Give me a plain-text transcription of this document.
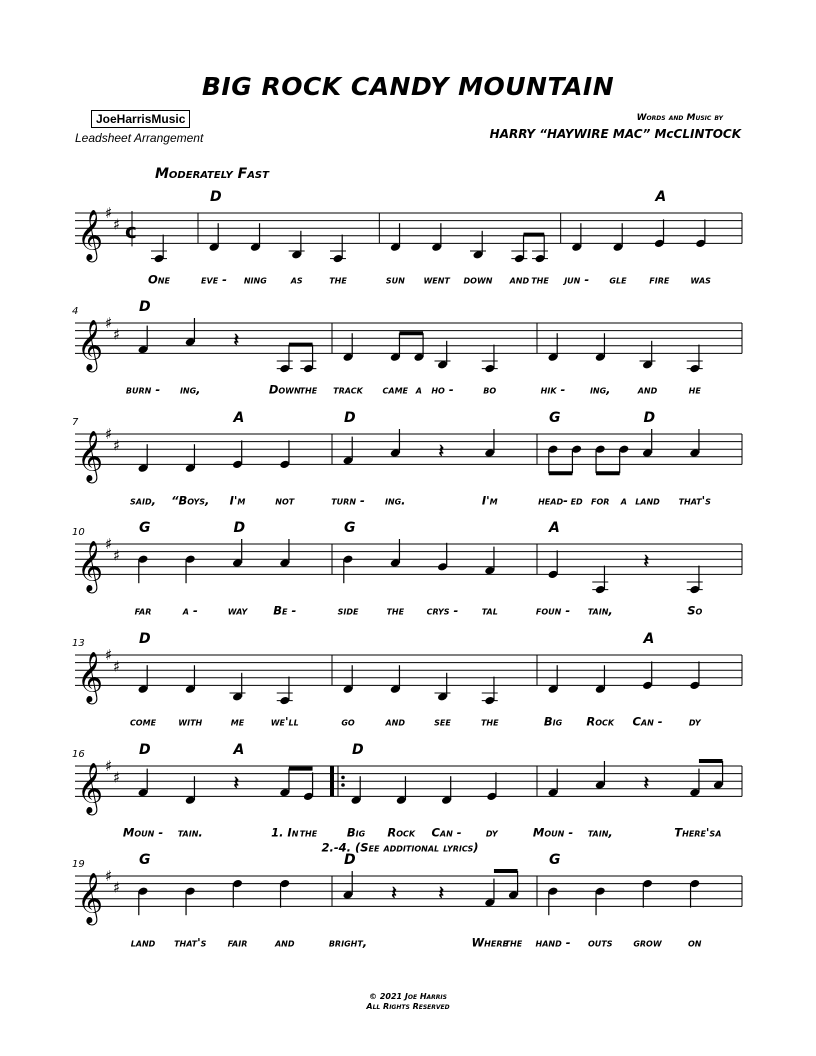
BIG ROCK CANDY MOUNTAIN
JoeHarrisMusic
Leadsheet Arrangement
Words and Music by
HARRY “HAYWIRE MAC” McCLINTOCK
Moderately Fast
𝄞 ♯
♯ c
One	eve - ning as the	sun went down and the jun - gle fire was
D	A
𝄞 ♯
♯
4
𝄽
burn - ing,	Down
the track came a ho -	bo	hik - ing, and	he
D
𝄞 ♯
♯
7
said, “Boys, I'm	not
𝄽
turn - ing.	I'm	head- ed for a land that's
A	D	G	D
𝄞 ♯
♯
10
far	a -	way Be -	side the crys - tal
𝄽
foun - tain,	So
G	D	G	A
𝄞 ♯
♯
13
come with me we'll	go	and	see	the	Big Rock Can - dy
D	A
𝄞 ♯
♯
16
𝄽
Moun - tain.	1. In the	Big Rock Can - dy
𝄽
Moun - tain,	There's a
D	A	D
2.-4. (See additional lyrics)
𝄞 ♯
♯
19
land that's fair and
𝄽 𝄽
bright,	Where
the hand - outs grow on
G	D	G
© 2021 Joe Harris
All Rights Reserved
